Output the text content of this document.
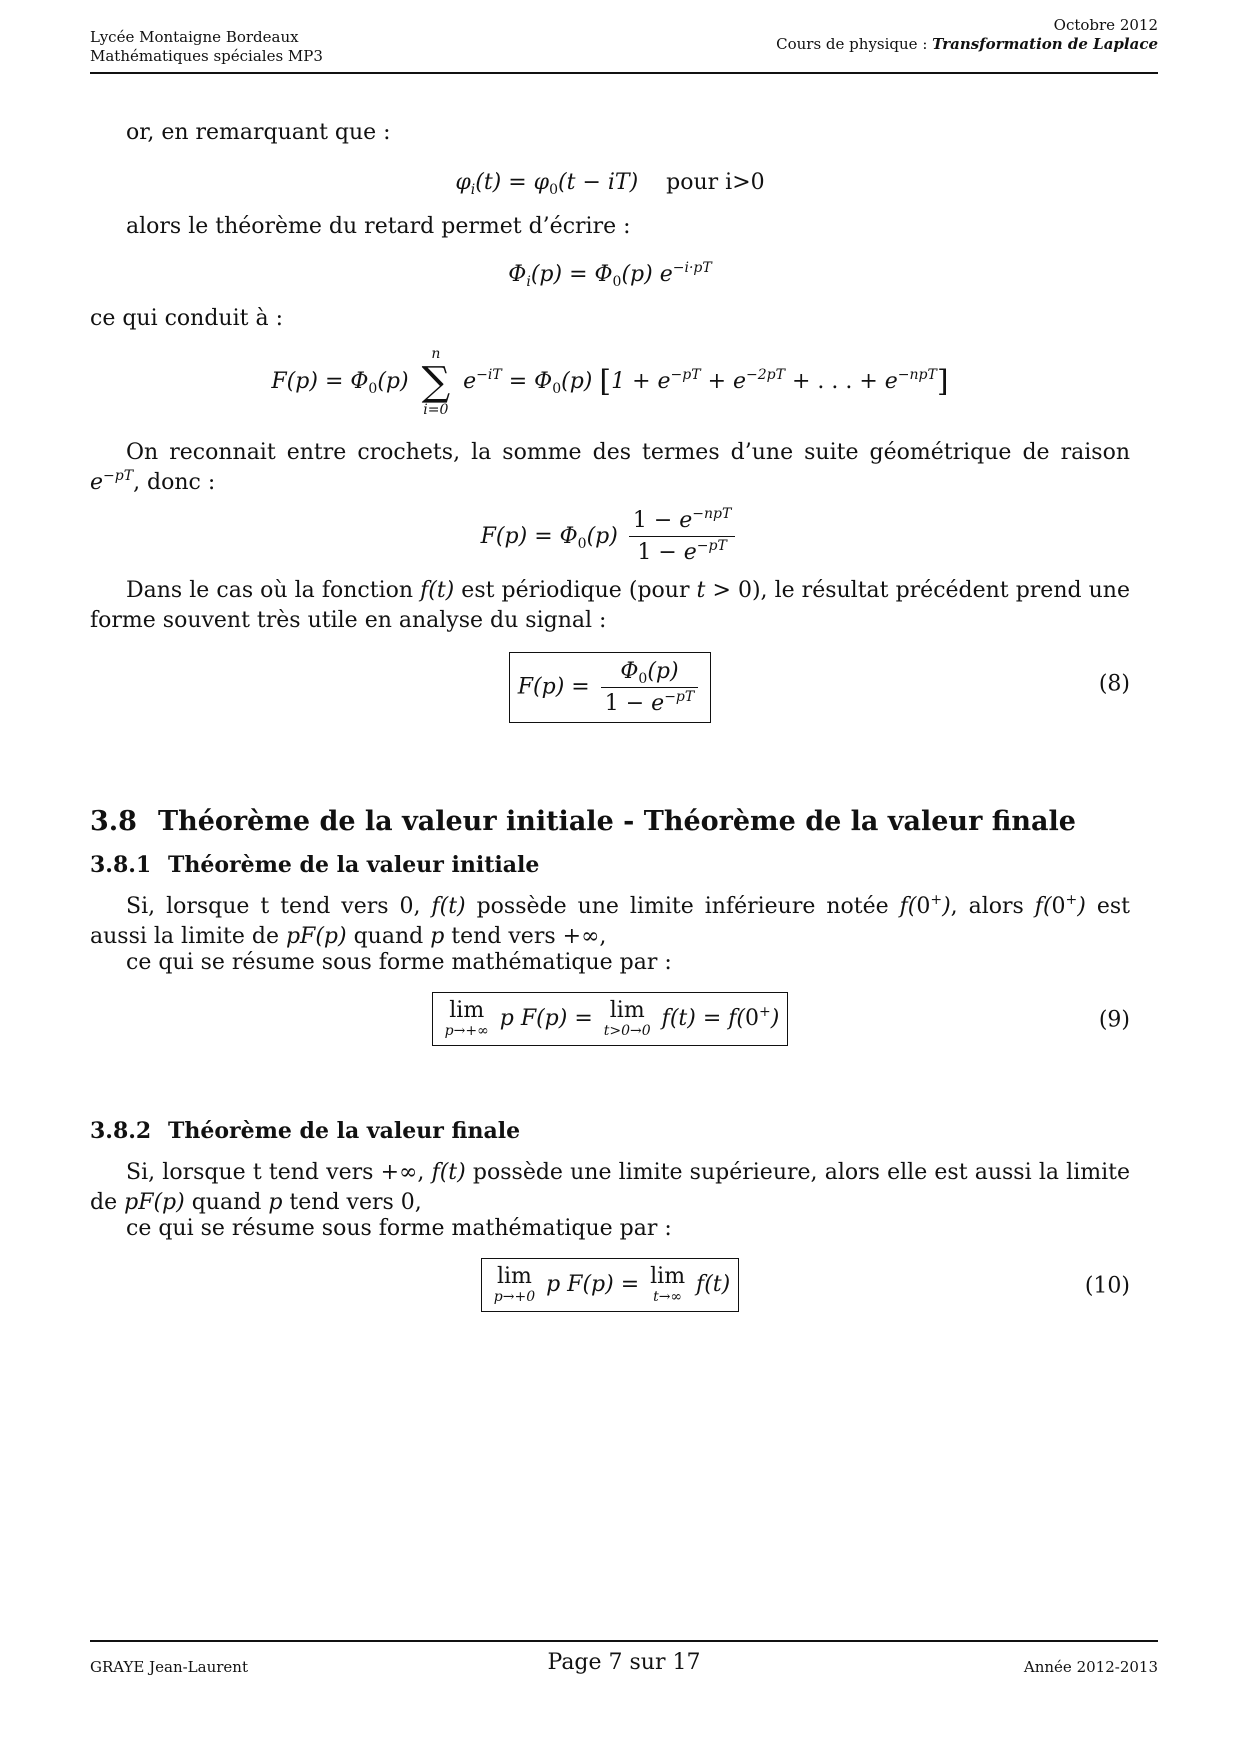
Lycée Montaigne Bordeaux
Mathématiques spéciales MP3
Octobre 2012
Cours de physique : Transformation de Laplace
or, en remarquant que :
$\varphi_i(t) = \varphi_0(t - iT)$ pour i>0
alors le théorème du retard permet d’écrire :
$\Phi_i(p) = \Phi_0(p)$ $e^{-i\cdot pT}$
ce qui conduit à :
$F(p) = \Phi_0(p)$
n
∑
i=0
$e^{-iT} = \Phi_0(p) [1 + e^{-pT} + e^{-2pT}$ + . . . + $e^{-npT}$]
On reconnait entre crochets, la somme des termes d’une suite géométrique de raison $e^{-pT}$, donc :
$F(p) = \Phi_0(p) \frac{1 - e^{-npT}}{1 - e^{-pT}}$
Dans le cas où la fonction f(t) est périodique (pour t > 0), le résultat précédent prend une forme souvent très utile en analyse du signal :
$F(p) = \frac{\Phi_0(p)}{1 - e^{-pT}}$	(8)
3.8 Théorème de la valeur initiale - Théorème de la valeur finale
3.8.1 Théorème de la valeur initiale
Si, lorsque t tend vers 0, f(t) possède une limite inférieure notée f(0+), alors f(0+) est aussi la limite de pF(p) quand p tend vers +∞,
ce qui se résume sous forme mathématique par :
lim
p→+∞ p F(p) = lim
t>0→0 f(t) = f(0+)	(9)
3.8.2 Théorème de la valeur finale
Si, lorsque t tend vers +∞, f(t) possède une limite supérieure, alors elle est aussi la limite de pF(p) quand p tend vers 0,
ce qui se résume sous forme mathématique par :
lim
p→+0 p F(p) = lim
t→∞ f(t)	(10)
GRAYE Jean-Laurent	Page 7 sur 17	Année 2012-2013
